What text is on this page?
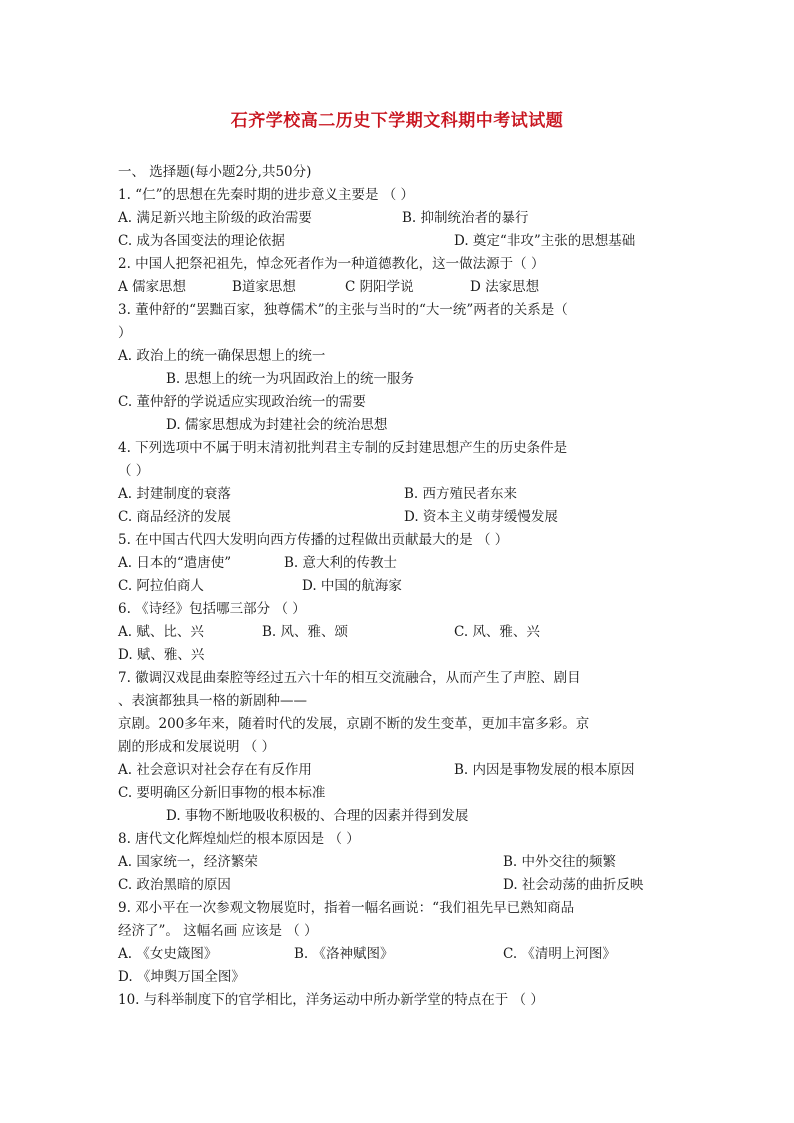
石齐学校高二历史下学期文科期中考试试题
一、 选择题(每小题2分,共50分)
1. “仁”的思想在先秦时期的进步意义主要是 （ ）
A. 满足新兴地主阶级的政治需要	B. 抑制统治者的暴行
C. 成为各国变法的理论依据	D. 奠定“非攻”主张的思想基础
2. 中国人把祭祀祖先，悼念死者作为一种道德教化，这一做法源于（ ）
A 儒家思想	B道家思想	C 阴阳学说	D 法家思想
3. 董仲舒的“罢黜百家，独尊儒术”的主张与当时的“大一统”两者的关系是（
）
A. 政治上的统一确保思想上的统一
B. 思想上的统一为巩固政治上的统一服务
C. 董仲舒的学说适应实现政治统一的需要
D. 儒家思想成为封建社会的统治思想
4. 下列选项中不属于明末清初批判君主专制的反封建思想产生的历史条件是
（ ）
A. 封建制度的衰落	B. 西方殖民者东来
C. 商品经济的发展	D. 资本主义萌芽缓慢发展
5. 在中国古代四大发明向西方传播的过程做出贡献最大的是 （ ）
A. 日本的“遣唐使”	B. 意大利的传教士
C. 阿拉伯商人	D. 中国的航海家
6. 《诗经》包括哪三部分 （ ）
A. 赋、比、兴	B. 风、雅、颂	C. 风、雅、兴
D. 赋、雅、兴
7. 徽调汉戏昆曲秦腔等经过五六十年的相互交流融合，从而产生了声腔、剧目
、表演都独具一格的新剧种——
京剧。200多年来，随着时代的发展，京剧不断的发生变革，更加丰富多彩。京
剧的形成和发展说明 （ ）
A. 社会意识对社会存在有反作用	B. 内因是事物发展的根本原因
C. 要明确区分新旧事物的根本标准
D. 事物不断地吸收积极的、合理的因素并得到发展
8. 唐代文化辉煌灿烂的根本原因是 （ ）
A. 国家统一，经济繁荣	B. 中外交往的频繁
C. 政治黑暗的原因	D. 社会动荡的曲折反映
9. 邓小平在一次参观文物展览时，指着一幅名画说：“我们祖先早已熟知商品
经济了”。 这幅名画 应该是 （ ）
A. 《女史箴图》	B. 《洛神赋图》	C. 《清明上河图》
D. 《坤舆万国全图》
10. 与科举制度下的官学相比，洋务运动中所办新学堂的特点在于 （ ）
